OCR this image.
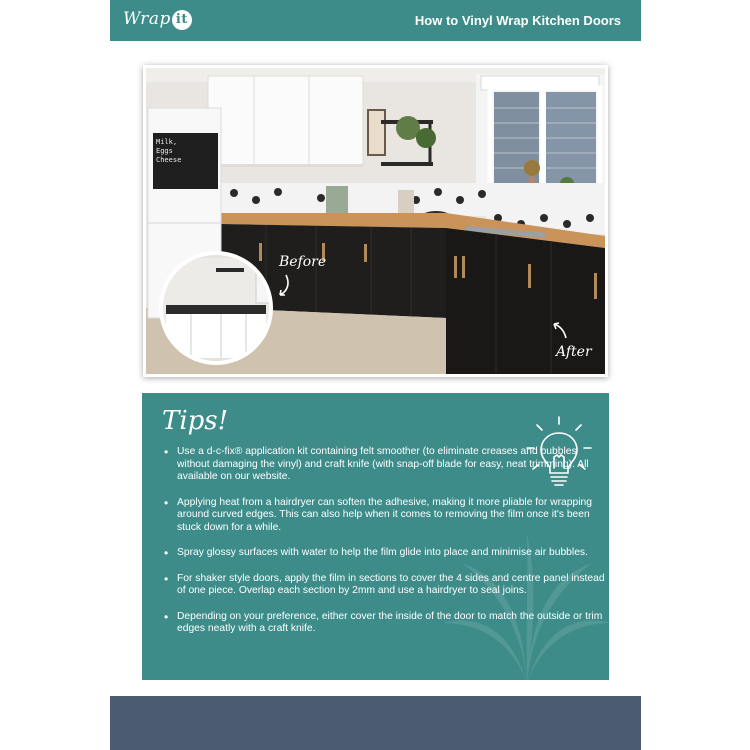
Wrap it	How to Vinyl Wrap Kitchen Doors
Milk,
Eggs
Cheese
Before
After
Tips!
• Use a d-c-fix® application kit containing felt smoother (to eliminate creases and bubbles without damaging the vinyl) and craft knife (with snap-off blade for easy, neat trimming). All available on our website.
• Applying heat from a hairdryer can soften the adhesive, making it more pliable for wrapping around curved edges. This can also help when it comes to removing the film once it's been stuck down for a while.
• Spray glossy surfaces with water to help the film glide into place and minimise air bubbles.
• For shaker style doors, apply the film in sections to cover the 4 sides and centre panel instead of one piece. Overlap each section by 2mm and use a hairdryer to seal joins.
• Depending on your preference, either cover the inside of the door to match the outside or trim edges neatly with a craft knife.
